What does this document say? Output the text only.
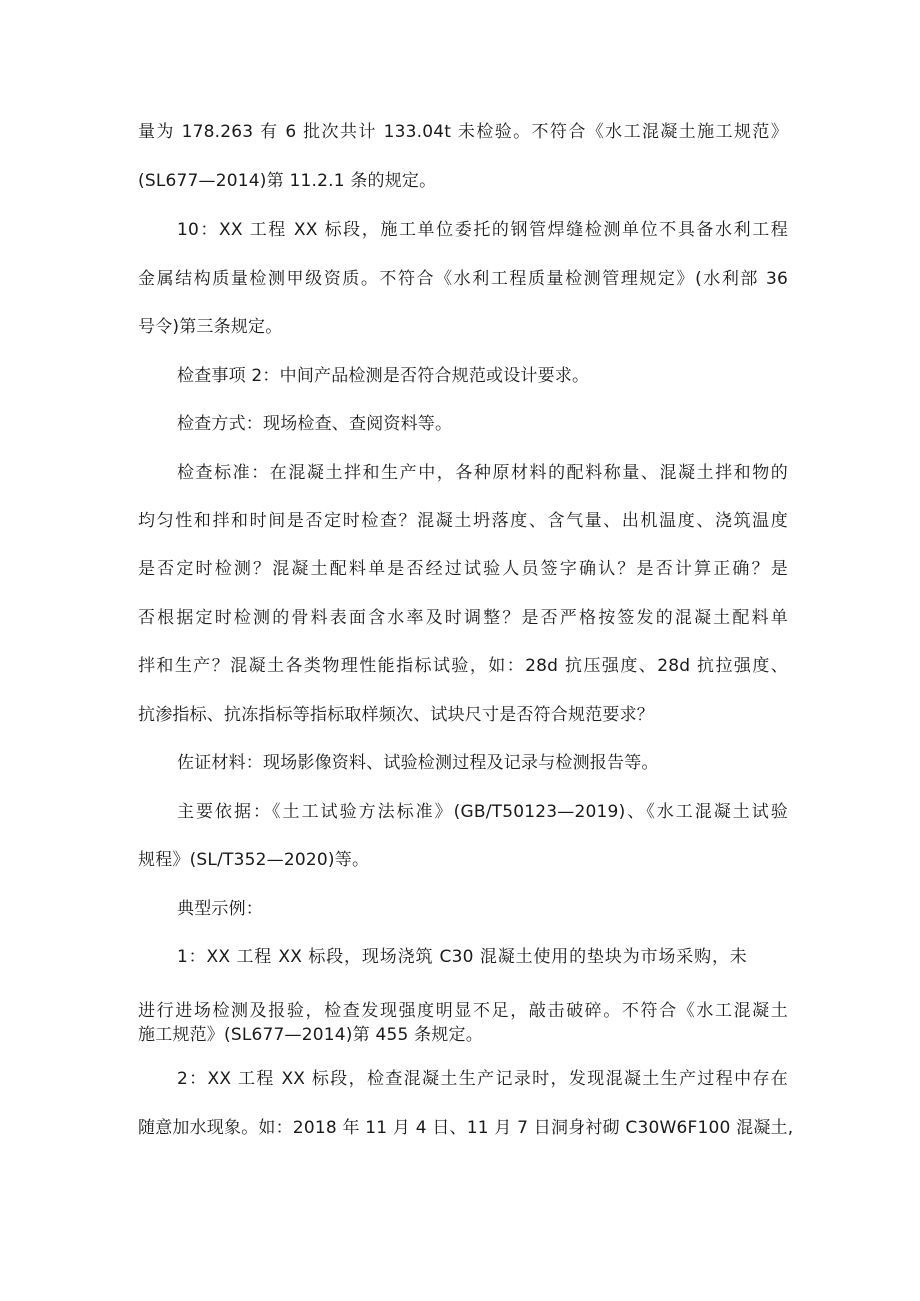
量为 178.263 有 6 批次共计 133.04t 未检验。不符合《水工混凝土施工规范》
(SL677—2014)第 11.2.1 条的规定。
10：XX 工程 XX 标段，施工单位委托的钢管焊缝检测单位不具备水利工程
金属结构质量检测甲级资质。不符合《水利工程质量检测管理规定》(水利部 36
号令)第三条规定。
检查事项 2：中间产品检测是否符合规范或设计要求。
检查方式：现场检查、查阅资料等。
检查标准：在混凝土拌和生产中，各种原材料的配料称量、混凝土拌和物的
均匀性和拌和时间是否定时检查？混凝土坍落度、含气量、出机温度、浇筑温度
是否定时检测？混凝土配料单是否经过试验人员签字确认？是否计算正确？是
否根据定时检测的骨料表面含水率及时调整？是否严格按签发的混凝土配料单
拌和生产？混凝土各类物理性能指标试验，如：28d 抗压强度、28d 抗拉强度、
抗渗指标、抗冻指标等指标取样频次、试块尺寸是否符合规范要求？
佐证材料：现场影像资料、试验检测过程及记录与检测报告等。
主要依据：《土工试验方法标准》(GB/T50123—2019)、《水工混凝土试验
规程》(SL/T352—2020)等。
典型示例：
1：XX 工程 XX 标段，现场浇筑 C30 混凝土使用的垫块为市场采购，未
进行进场检测及报验，检查发现强度明显不足，敲击破碎。不符合《水工混凝土
施工规范》(SL677—2014)第 455 条规定。
2：XX 工程 XX 标段，检查混凝土生产记录时，发现混凝土生产过程中存在
随意加水现象。如：2018 年 11 月 4 日、11 月 7 日洞身衬砌 C30W6F100 混凝土,
